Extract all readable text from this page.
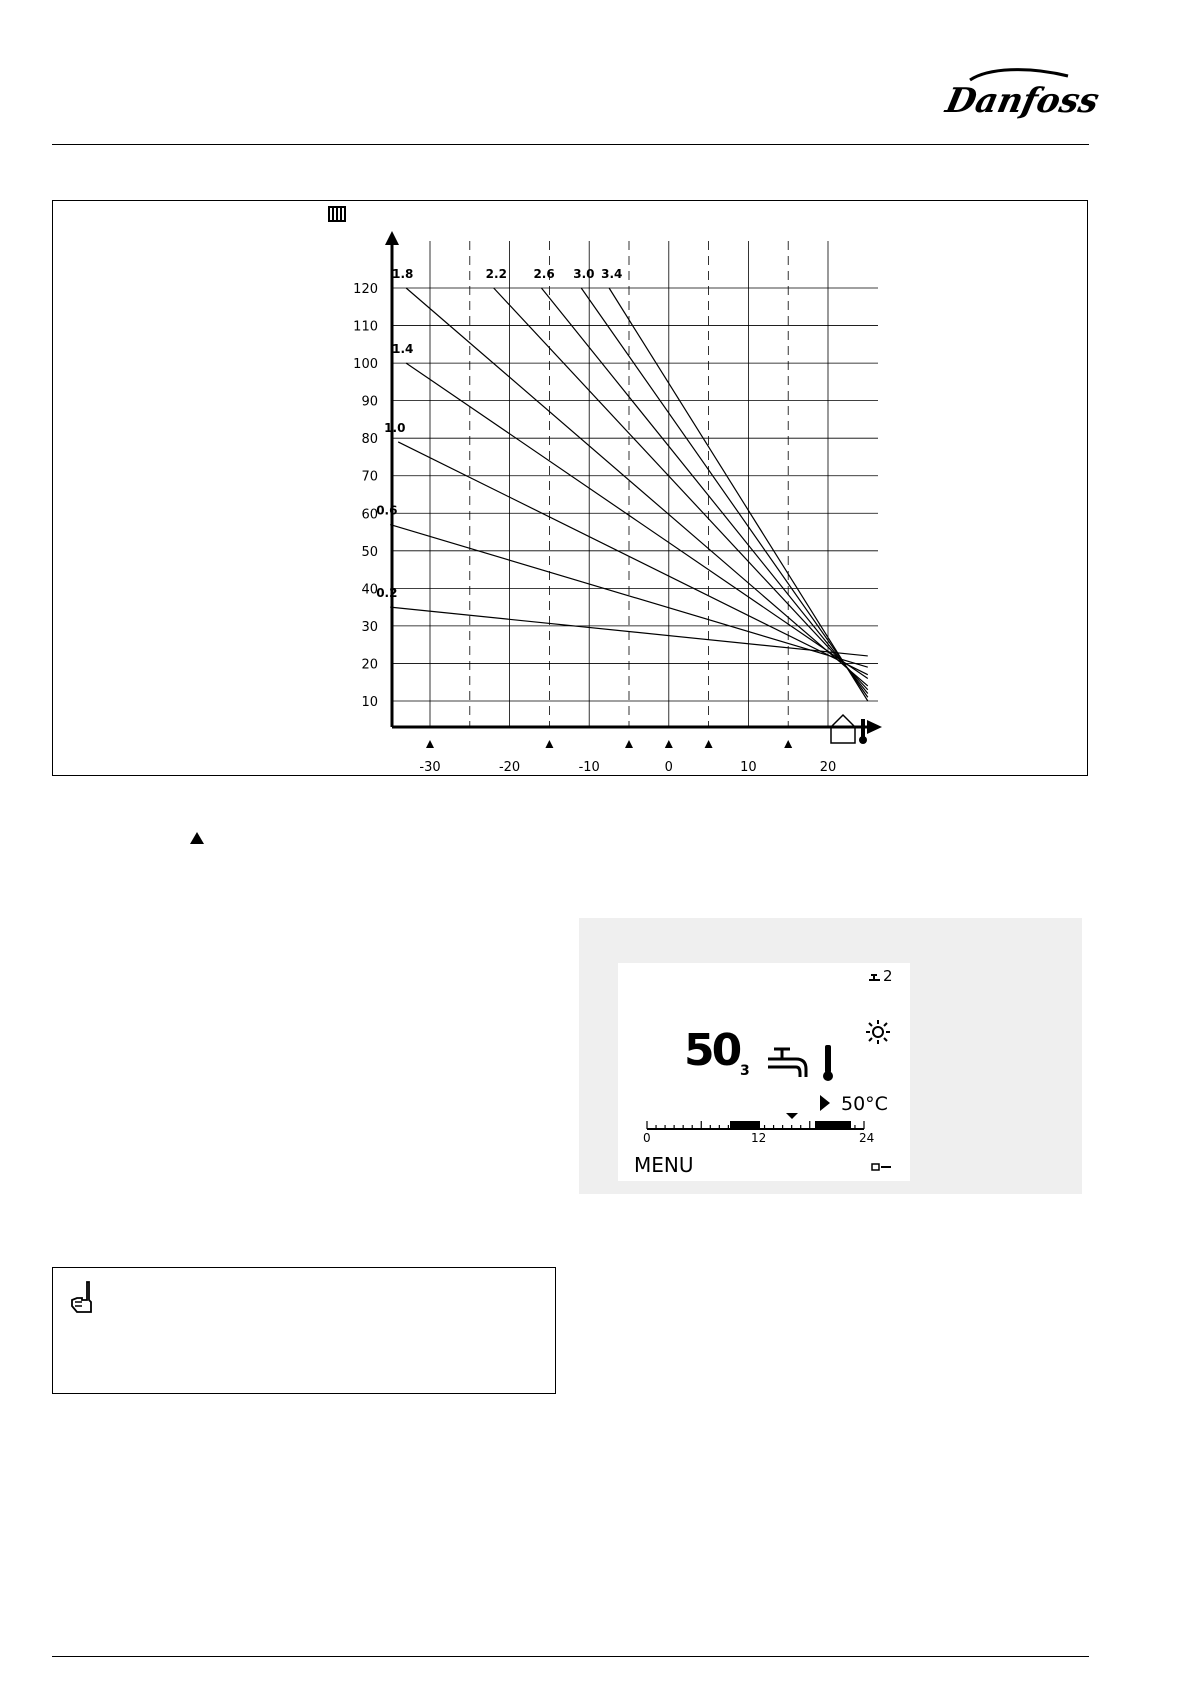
Danfoss
10
20
30
40
50
60
70
80
90
100
110
120
-30	-20	-10	0	10	20
0.2
0.6
1.0
1.4
1.8	2.2 2.6 3.0 3.4
2
50 3
50°C
0	12	24
MENU
